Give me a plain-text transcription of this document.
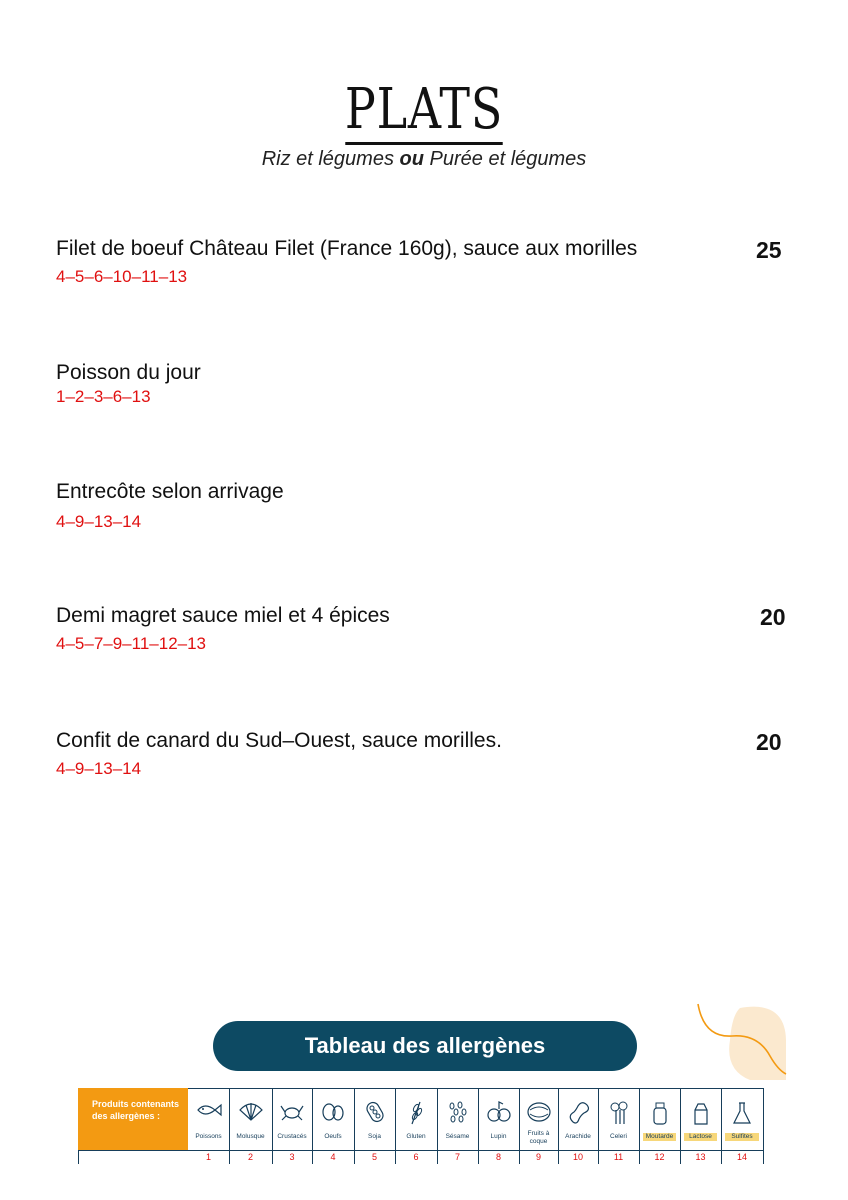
PLATS
Riz et légumes ou Purée et légumes
Filet de boeuf Château Filet (France 160g), sauce aux morilles
4–5–6–10–11–13
25
Poisson du jour
1–2–3–6–13
Entrecôte selon arrivage
4–9–13–14
Demi magret sauce miel et 4 épices
4–5–7–9–11–12–13
20
Confit de canard du Sud–Ouest, sauce morilles.
4–9–13–14
20
Tableau des allergènes
Produits contenants des allergènes :
Poissons
1
Molusque
2
Crustacés
3
Oeufs
4
Soja
5
Gluten
6
Sésame
7
Lupin
8
Fruits à coque
9
Arachide
10
Celeri
11
Moutarde
12
Lactose
13
Sulfites
14
